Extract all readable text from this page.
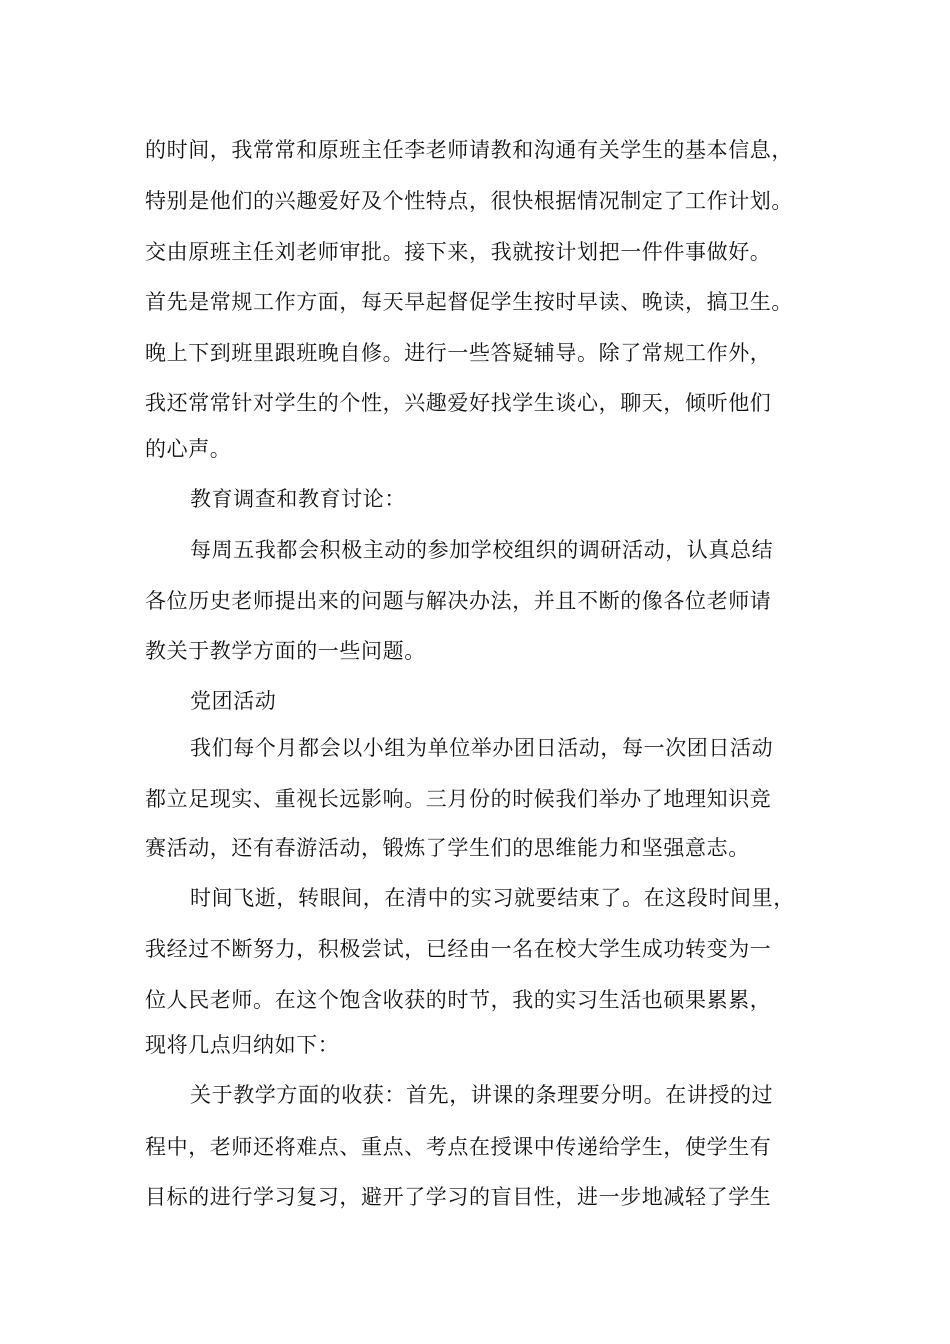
的时间，我常常和原班主任李老师请教和沟通有关学生的基本信息，
特别是他们的兴趣爱好及个性特点，很快根据情况制定了工作计划。
交由原班主任刘老师审批。接下来，我就按计划把一件件事做好。
首先是常规工作方面，每天早起督促学生按时早读、晚读，搞卫生。
晚上下到班里跟班晚自修。进行一些答疑辅导。除了常规工作外，
我还常常针对学生的个性，兴趣爱好找学生谈心，聊天，倾听他们
的心声。
教育调查和教育讨论：
每周五我都会积极主动的参加学校组织的调研活动，认真总结
各位历史老师提出来的问题与解决办法，并且不断的像各位老师请
教关于教学方面的一些问题。
党团活动
我们每个月都会以小组为单位举办团日活动，每一次团日活动
都立足现实、重视长远影响。三月份的时候我们举办了地理知识竞
赛活动，还有春游活动，锻炼了学生们的思维能力和坚强意志。
时间飞逝，转眼间，在清中的实习就要结束了。在这段时间里，
我经过不断努力，积极尝试，已经由一名在校大学生成功转变为一
位人民老师。在这个饱含收获的时节，我的实习生活也硕果累累，
现将几点归纳如下：
关于教学方面的收获：首先，讲课的条理要分明。在讲授的过
程中，老师还将难点、重点、考点在授课中传递给学生，使学生有
目标的进行学习复习，避开了学习的盲目性，进一步地减轻了学生
